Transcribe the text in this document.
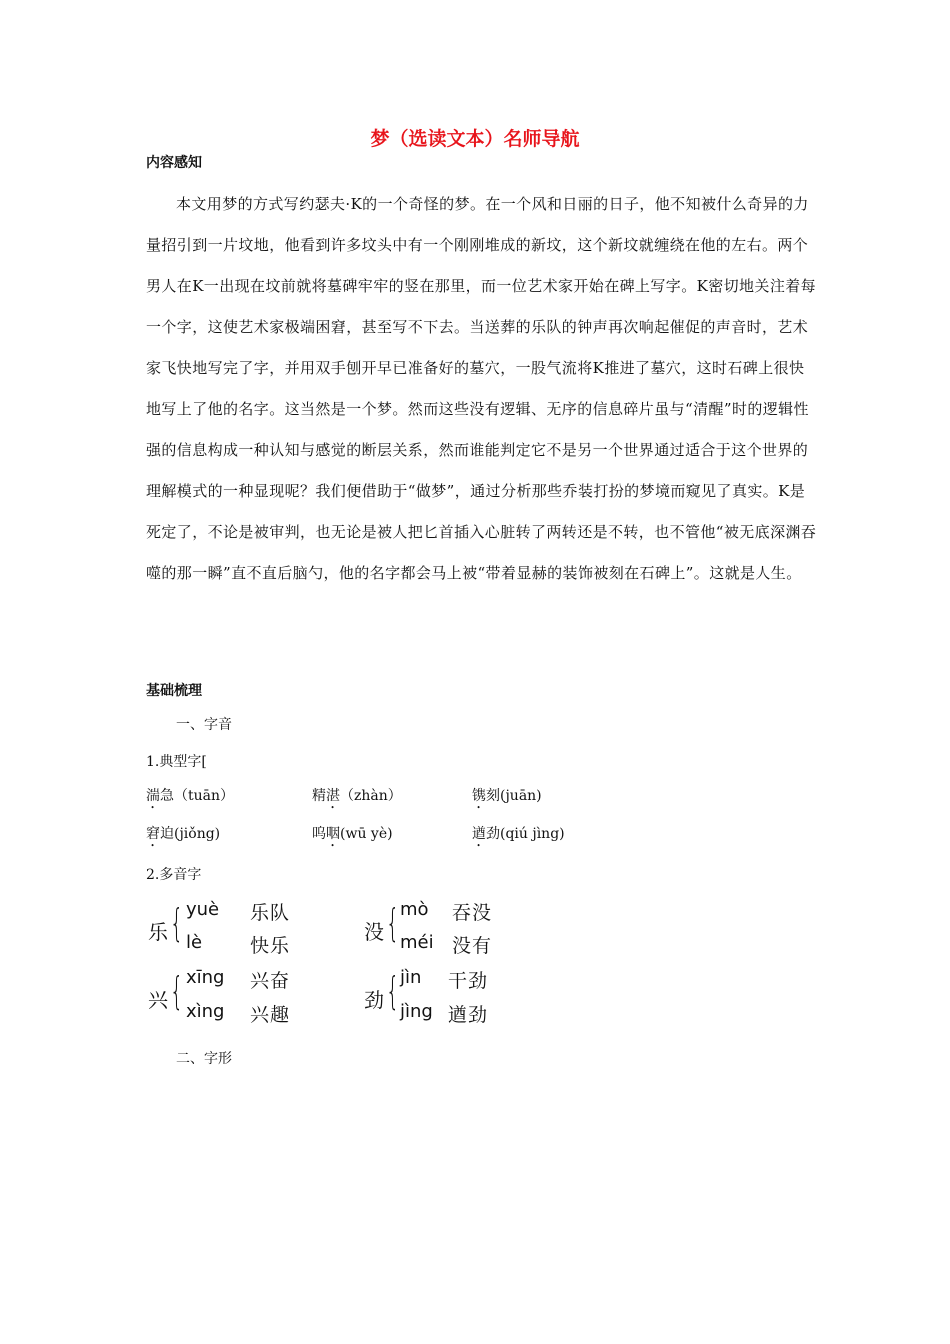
梦（选读文本）名师导航
内容感知

本文用梦的方式写约瑟夫·K的一个奇怪的梦。在一个风和日丽的日子，他不知被什么奇异的力量招引到一片坟地，他看到许多坟头中有一个刚刚堆成的新坟，这个新坟就缠绕在他的左右。两个男人在K一出现在坟前就将墓碑牢牢的竖在那里，而一位艺术家开始在碑上写字。K密切地关注着每一个字，这使艺术家极端困窘，甚至写不下去。当送葬的乐队的钟声再次响起催促的声音时，艺术家飞快地写完了字，并用双手刨开早已准备好的墓穴，一股气流将K推进了墓穴，这时石碑上很快地写上了他的名字。这当然是一个梦。然而这些没有逻辑、无序的信息碎片虽与“清醒”时的逻辑性强的信息构成一种认知与感觉的断层关系，然而谁能判定它不是另一个世界通过适合于这个世界的理解模式的一种显现呢？我们便借助于“做梦”，通过分析那些乔装打扮的梦境而窥见了真实。K是死定了，不论是被审判，也无论是被人把匕首插入心脏转了两转还是不转，也不管他“被无底深渊吞噬的那一瞬”直不直后脑勺，他的名字都会马上被“带着显赫的装饰被刻在石碑上”。这就是人生。

基础梳理
一、字音
1.典型字[
湍急（tuān）	精湛（zhàn）	镌刻(juān)
窘迫(jiǒng)	呜咽(wū yè)	遒劲(qiú jìng)
2.多音字
乐 { yuè 乐队
lè	快乐
没 { mò 吞没
méi 没有
兴 { xīng 兴奋
xìng 兴趣
劲 { jìn 干劲
jìng 遒劲
二、字形
